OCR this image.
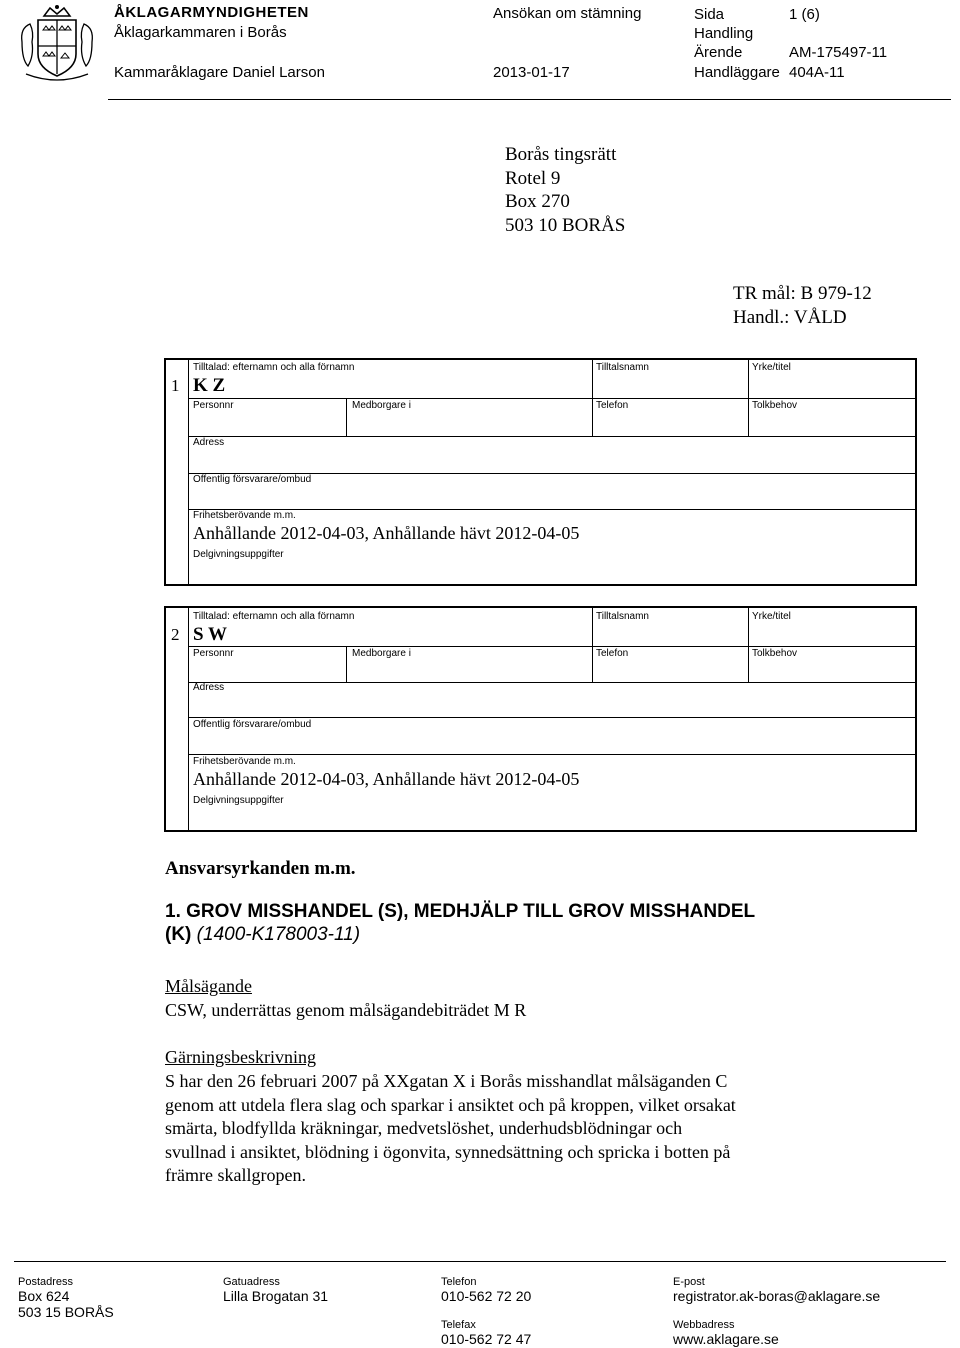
ÅKLAGARMYNDIGHETEN
Åklagarkammaren i Borås
Kammaråklagare Daniel Larson
Ansökan om stämning
2013-01-17
Sida	1 (6)
Handling
Ärende	AM-175497-11
Handläggare 404A-11
Borås tingsrätt
Rotel 9
Box 270
503 10 BORÅS
TR mål: B 979-12
Handl.: VÅLD
1
Tilltalad: efternamn och alla förnamn
K Z
Tilltalsnamn	Yrke/titel
Personnr	Medborgare i	Telefon	Tolkbehov
Adress
Offentlig försvarare/ombud
Frihetsberövande m.m.
Anhållande 2012-04-03, Anhållande hävt 2012-04-05
Delgivningsuppgifter
2
Tilltalad: efternamn och alla förnamn
S W
Tilltalsnamn	Yrke/titel
Personnr	Medborgare i	Telefon	Tolkbehov
Adress
Offentlig försvarare/ombud
Frihetsberövande m.m.
Anhållande 2012-04-03, Anhållande hävt 2012-04-05
Delgivningsuppgifter
Ansvarsyrkanden m.m.
1. GROV MISSHANDEL (S), MEDHJÄLP TILL GROV MISSHANDEL
(K) (1400-K178003-11)
Målsägande
CSW, underrättas genom målsägandebiträdet M R
Gärningsbeskrivning
S har den 26 februari 2007 på XXgatan X i Borås misshandlat målsäganden C
genom att utdela flera slag och sparkar i ansiktet och på kroppen, vilket orsakat
smärta, blodfyllda kräkningar, medvetslöshet, underhudsblödningar och
svullnad i ansiktet, blödning i ögonvita, synnedsättning och spricka i botten på
främre skallgropen.
Postadress
Box 624
503 15 BORÅS
Gatuadress
Lilla Brogatan 31
Telefon
010-562 72 20
Telefax
010-562 72 47
E-post
registrator.ak-boras@aklagare.se
Webbadress
www.aklagare.se
